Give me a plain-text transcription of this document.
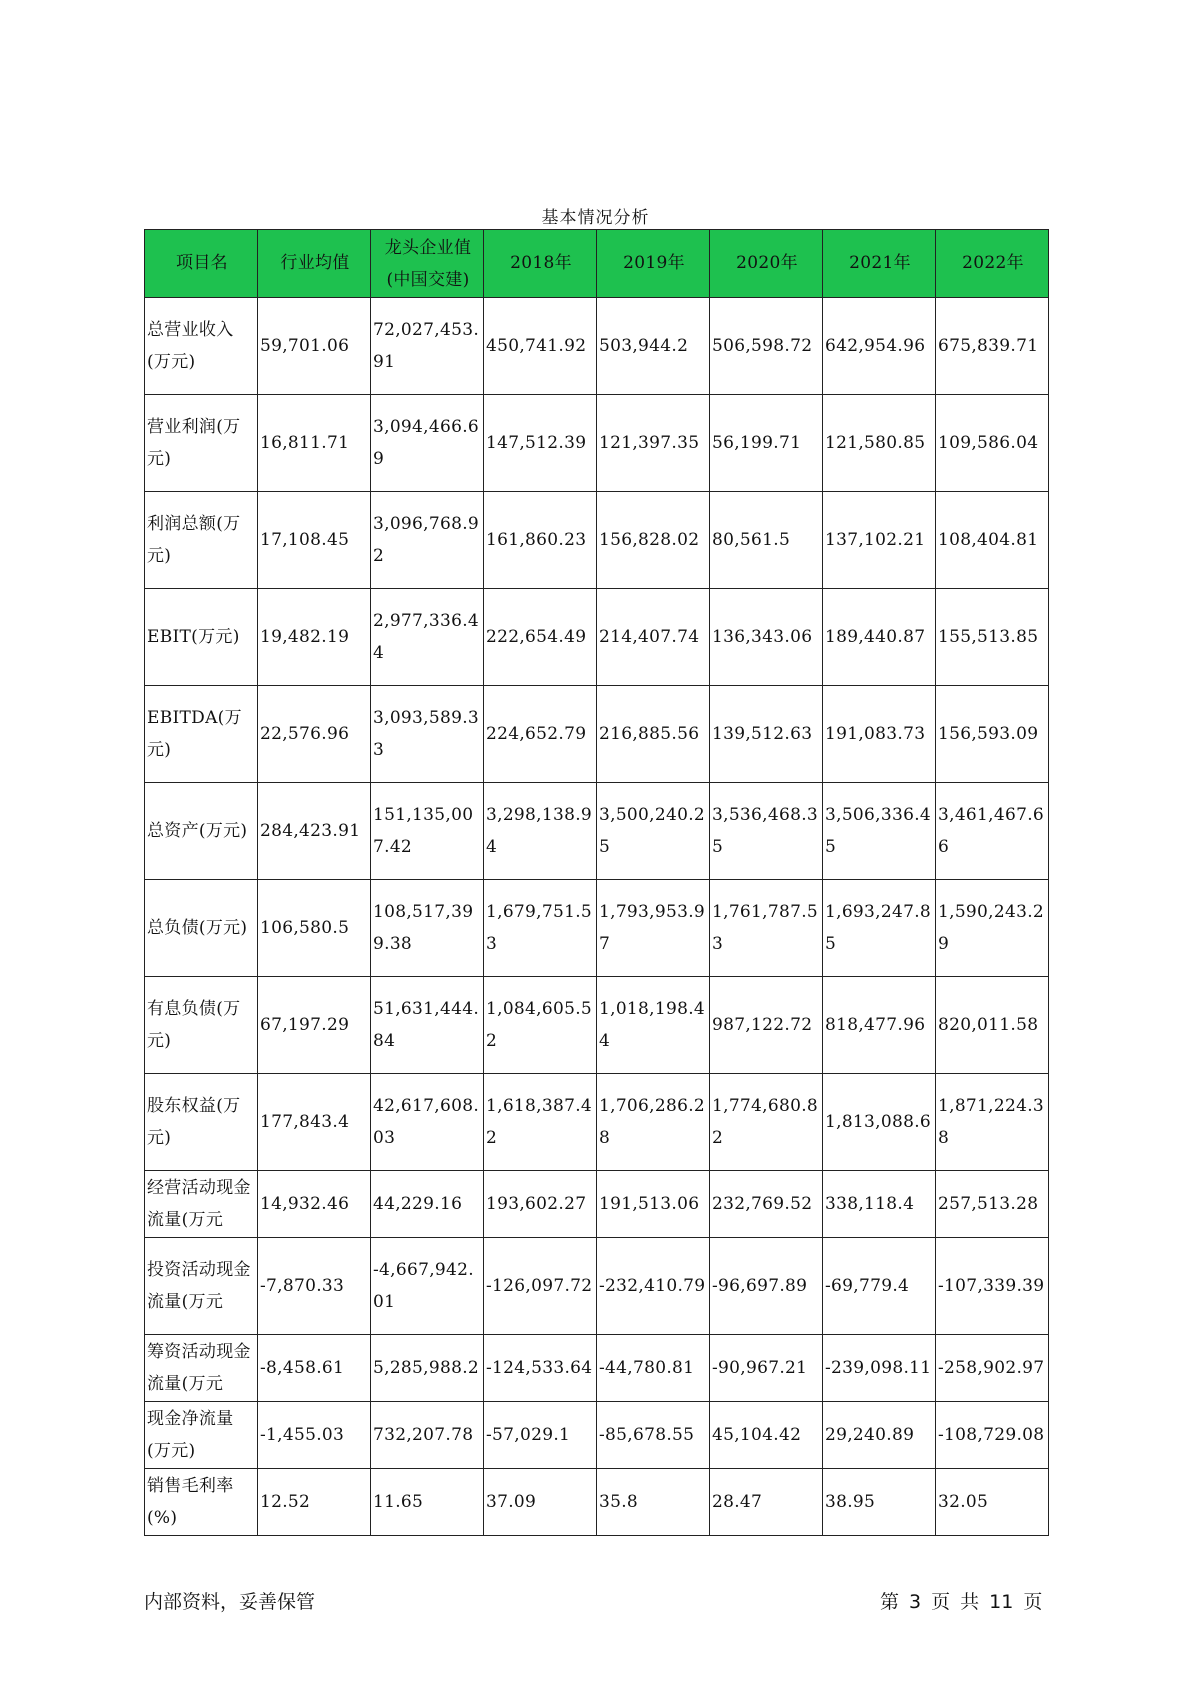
基本情况分析
项目名	行业均值	龙头企业值(中国交建)	2018年	2019年	2020年	2021年	2022年
总营业收入(万元)	59,701.06	72,027,453.91	450,741.92	503,944.2	506,598.72	642,954.96	675,839.71
营业利润(万元)	16,811.71	3,094,466.69	147,512.39	121,397.35	56,199.71	121,580.85	109,586.04
利润总额(万元)	17,108.45	3,096,768.92	161,860.23	156,828.02	80,561.5	137,102.21	108,404.81
EBIT(万元)	19,482.19	2,977,336.44	222,654.49	214,407.74	136,343.06	189,440.87	155,513.85
EBITDA(万元)	22,576.96	3,093,589.33	224,652.79	216,885.56	139,512.63	191,083.73	156,593.09
总资产(万元)	284,423.91	151,135,007.42	3,298,138.94	3,500,240.25	3,536,468.35	3,506,336.45	3,461,467.66
总负债(万元)	106,580.5	108,517,399.38	1,679,751.53	1,793,953.97	1,761,787.53	1,693,247.85	1,590,243.29
有息负债(万元)	67,197.29	51,631,444.84	1,084,605.52	1,018,198.44	987,122.72	818,477.96	820,011.58
股东权益(万元)	177,843.4	42,617,608.03	1,618,387.42	1,706,286.28	1,774,680.82	1,813,088.6	1,871,224.38
经营活动现金流量(万元	14,932.46	44,229.16	193,602.27	191,513.06	232,769.52	338,118.4	257,513.28
投资活动现金流量(万元	-7,870.33	-4,667,942.01	-126,097.72	-232,410.79	-96,697.89	-69,779.4	-107,339.39
筹资活动现金流量(万元	-8,458.61	5,285,988.2	-124,533.64	-44,780.81	-90,967.21	-239,098.11	-258,902.97
现金净流量(万元)	-1,455.03	732,207.78	-57,029.1	-85,678.55	45,104.42	29,240.89	-108,729.08
销售毛利率(%)	12.52	11.65	37.09	35.8	28.47	38.95	32.05
内部资料，妥善保管	第 3 页 共 11 页
